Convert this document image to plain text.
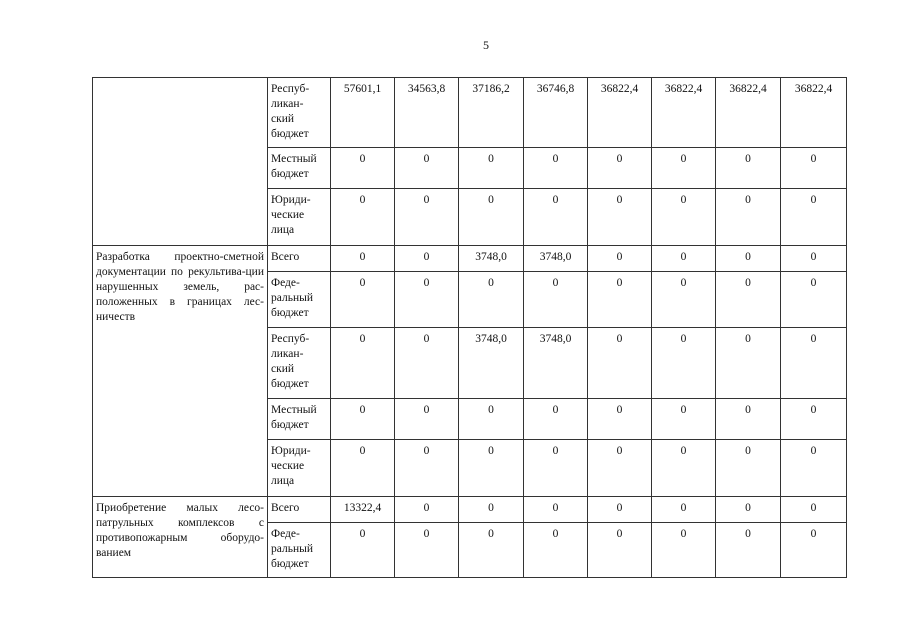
5
	Респуб-
ликан-
ский
бюджет	57601,1	34563,8	37186,2	36746,8	36822,4	36822,4	36822,4	36822,4
	Местный
бюджет	0	0	0	0	0	0	0	0
	Юриди-
ческие
лица	0	0	0	0	0	0	0	0
Разработка проектно-сметной документации по рекультива-ции нарушенных земель, рас-положенных в границах лес-ничеств	Всего	0	0	3748,0	3748,0	0	0	0	0
	Феде-
ральный
бюджет	0	0	0	0	0	0	0	0
	Респуб-
ликан-
ский
бюджет	0	0	3748,0	3748,0	0	0	0	0
	Местный
бюджет	0	0	0	0	0	0	0	0
	Юриди-
ческие
лица	0	0	0	0	0	0	0	0
Приобретение малых лесо-патрульных комплексов с противопожарным оборудо-ванием	Всего	13322,4	0	0	0	0	0	0	0
	Феде-
ральный
бюджет	0	0	0	0	0	0	0	0
